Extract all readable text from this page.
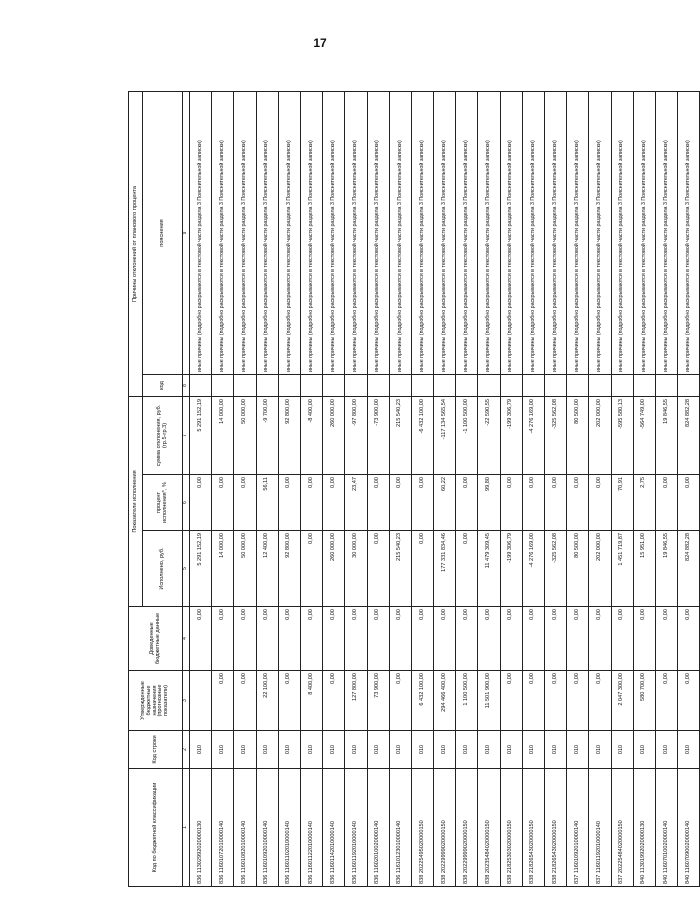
17
Код по бюджетной классификации	Код строки	Утвержденные бюджетные назначения (прогнозные показатели)	Доведенные бюджетные данные	Показатели исполнения			Причины отклонений от планового процента	
				Исполнено, руб.	процент исполнения*, %	сумма отклонения, руб. (гр.5-гр.3)	код	пояснения
1	2	3	4	5	6	7	8	9
836 11302992020000130	010		0,00	5 291 152,19	0,00	5 291 152,19		иные причины (подробно раскрываются в текстовой части раздела 3 Пояснительной записки)
836 11601072010000140	010	0,00	0,00	14 000,00	0,00	14 000,00		иные причины (подробно раскрываются в текстовой части раздела 3 Пояснительной записки)
836 11601082010000140	010	0,00	0,00	50 000,00	0,00	50 000,00		иные причины (подробно раскрываются в текстовой части раздела 3 Пояснительной записки)
836 11601092010000140	010	22 100,00	0,00	12 400,00	56,11	-9 700,00		иные причины (подробно раскрываются в текстовой части раздела 3 Пояснительной записки)
836 11601102010000140	010	0,00	0,00	92 800,00	0,00	92 800,00		иные причины (подробно раскрываются в текстовой части раздела 3 Пояснительной записки)
836 11601122010000140	010	8 400,00	0,00	0,00	0,00	-8 400,00		иные причины (подробно раскрываются в текстовой части раздела 3 Пояснительной записки)
836 11601142010000140	010	0,00	0,00	260 000,00	0,00	260 000,00		иные причины (подробно раскрываются в текстовой части раздела 3 Пояснительной записки)
836 11601192010000140	010	127 800,00	0,00	30 000,00	23,47	-97 800,00		иные причины (подробно раскрываются в текстовой части раздела 3 Пояснительной записки)
836 11602010020000140	010	73 900,00	0,00	0,00	0,00	-73 900,00		иные причины (подробно раскрываются в текстовой части раздела 3 Пояснительной записки)
836 11610123010000140	010	0,00	0,00	215 540,23	0,00	215 540,23		иные причины (подробно раскрываются в текстовой части раздела 3 Пояснительной записки)
838 20225495020000150	010	6 432 100,00	0,00	0,00	0,00	-6 432 100,00		иные причины (подробно раскрываются в текстовой части раздела 3 Пояснительной записки)
838 20229999020000150	010	294 466 400,00	0,00	177 331 834,46	60,22	-117 134 565,54		иные причины (подробно раскрываются в текстовой части раздела 3 Пояснительной записки)
838 20229999020000150	010	1 100 500,00	0,00	0,00	0,00	-1 100 500,00		иные причины (подробно раскрываются в текстовой части раздела 3 Пояснительной записки)
838 20235484020000150	010	11 501 900,00	0,00	11 479 309,45	99,80	-22 590,55		иные причины (подробно раскрываются в текстовой части раздела 3 Пояснительной записки)
838 21825303020000150	010	0,00	0,00	-199 306,79	0,00	-199 306,79		иные причины (подробно раскрываются в текстовой части раздела 3 Пояснительной записки)
838 21826543020000150	010	0,00	0,00	-4 276 169,00	0,00	-4 276 169,00		иные причины (подробно раскрываются в текстовой части раздела 3 Пояснительной записки)
838 21826543020000150	010	0,00	0,00	-325 562,08	0,00	-325 562,08		иные причины (подробно раскрываются в текстовой части раздела 3 Пояснительной записки)
837 11601092010000140	010	0,00	0,00	80 500,00	0,00	80 500,00		иные причины (подробно раскрываются в текстовой части раздела 3 Пояснительной записки)
837 11601192010000140	010	0,00	0,00	202 000,00	0,00	202 000,00		иные причины (подробно раскрываются в текстовой части раздела 3 Пояснительной записки)
837 20225484020000150	010	2 047 300,00	0,00	1 451 719,87	70,91	-595 580,13		иные причины (подробно раскрываются в текстовой части раздела 3 Пояснительной записки)
840 11301992020000130	010	580 700,00	0,00	15 951,00	2,75	-564 749,00		иные причины (подробно раскрываются в текстовой части раздела 3 Пояснительной записки)
840 11607010020000140	010	0,00	0,00	19 846,55	0,00	19 846,55		иные причины (подробно раскрываются в текстовой части раздела 3 Пояснительной записки)
840 11607090020000140	010	0,00	0,00	824 882,28	0,00	824 882,28		иные причины (подробно раскрываются в текстовой части раздела 3 Пояснительной записки)
